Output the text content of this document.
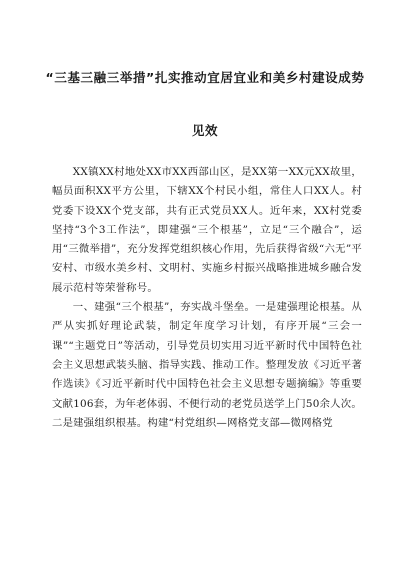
“三基三融三举措”扎实推动宜居宜业和美乡村建设成势
见效

XX镇XX村地处XX市XX西部山区，是XX第一XX元XX故里，幅员面积XX平方公里，下辖XX个村民小组，常住人口XX人。村党委下设XX个党支部，共有正式党员XX人。近年来，XX村党委坚持“3个3工作法”，即建强“三个根基”，立足“三个融合”，运用“三微举措”，充分发挥党组织核心作用，先后获得省级“六无”平安村、市级水美乡村、文明村、实施乡村振兴战略推进城乡融合发展示范村等荣誉称号。

一、建强“三个根基”，夯实战斗堡垒。一是建强理论根基。从严从实抓好理论武装，制定年度学习计划，有序开展“三会一课”“主题党日”等活动，引导党员切实用习近平新时代中国特色社会主义思想武装头脑、指导实践、推动工作。整理发放《习近平著作选读》《习近平新时代中国特色社会主义思想专题摘编》等重要文献106套，为年老体弱、不便行动的老党员送学上门50余人次。二是建强组织根基。构建“村党组织—网格党支部—微网格党
